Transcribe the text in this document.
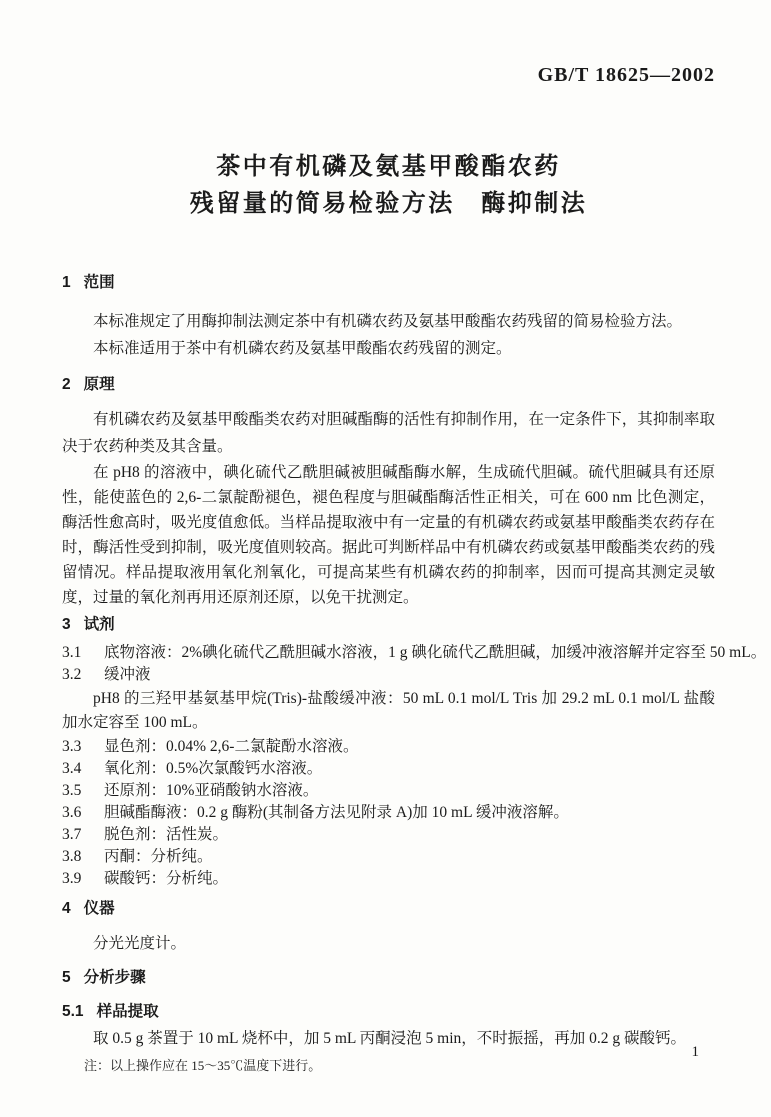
GB/T 18625—2002
茶中有机磷及氨基甲酸酯农药
残留量的简易检验方法　酶抑制法
1 范围

本标准规定了用酶抑制法测定茶中有机磷农药及氨基甲酸酯农药残留的简易检验方法。

本标准适用于茶中有机磷农药及氨基甲酸酯农药残留的测定。

2 原理

有机磷农药及氨基甲酸酯类农药对胆碱酯酶的活性有抑制作用，在一定条件下，其抑制率取决于农药种类及其含量。

在 pH8 的溶液中，碘化硫代乙酰胆碱被胆碱酯酶水解，生成硫代胆碱。硫代胆碱具有还原性，能使蓝色的 2,6-二氯靛酚褪色，褪色程度与胆碱酯酶活性正相关，可在 600 nm 比色测定，酶活性愈高时，吸光度值愈低。当样品提取液中有一定量的有机磷农药或氨基甲酸酯类农药存在时，酶活性受到抑制，吸光度值则较高。据此可判断样品中有机磷农药或氨基甲酸酯类农药的残留情况。样品提取液用氧化剂氧化，可提高某些有机磷农药的抑制率，因而可提高其测定灵敏度，过量的氧化剂再用还原剂还原，以免干扰测定。

3 试剂
3.1 底物溶液：2%碘化硫代乙酰胆碱水溶液，1 g 碘化硫代乙酰胆碱，加缓冲液溶解并定容至 50 mL。
3.2 缓冲液

pH8 的三羟甲基氨基甲烷(Tris)-盐酸缓冲液：50 mL 0.1 mol/L Tris 加 29.2 mL 0.1 mol/L 盐酸加水定容至 100 mL。

3.3 显色剂：0.04% 2,6-二氯靛酚水溶液。
3.4 氧化剂：0.5%次氯酸钙水溶液。
3.5 还原剂：10%亚硝酸钠水溶液。
3.6 胆碱酯酶液：0.2 g 酶粉(其制备方法见附录 A)加 10 mL 缓冲液溶解。
3.7 脱色剂：活性炭。
3.8 丙酮：分析纯。
3.9 碳酸钙：分析纯。
4 仪器

分光光度计。

5 分析步骤
5.1 样品提取

取 0.5 g 茶置于 10 mL 烧杯中，加 5 mL 丙酮浸泡 5 min，不时振摇，再加 0.2 g 碳酸钙。

注：以上操作应在 15～35℃温度下进行。
1
